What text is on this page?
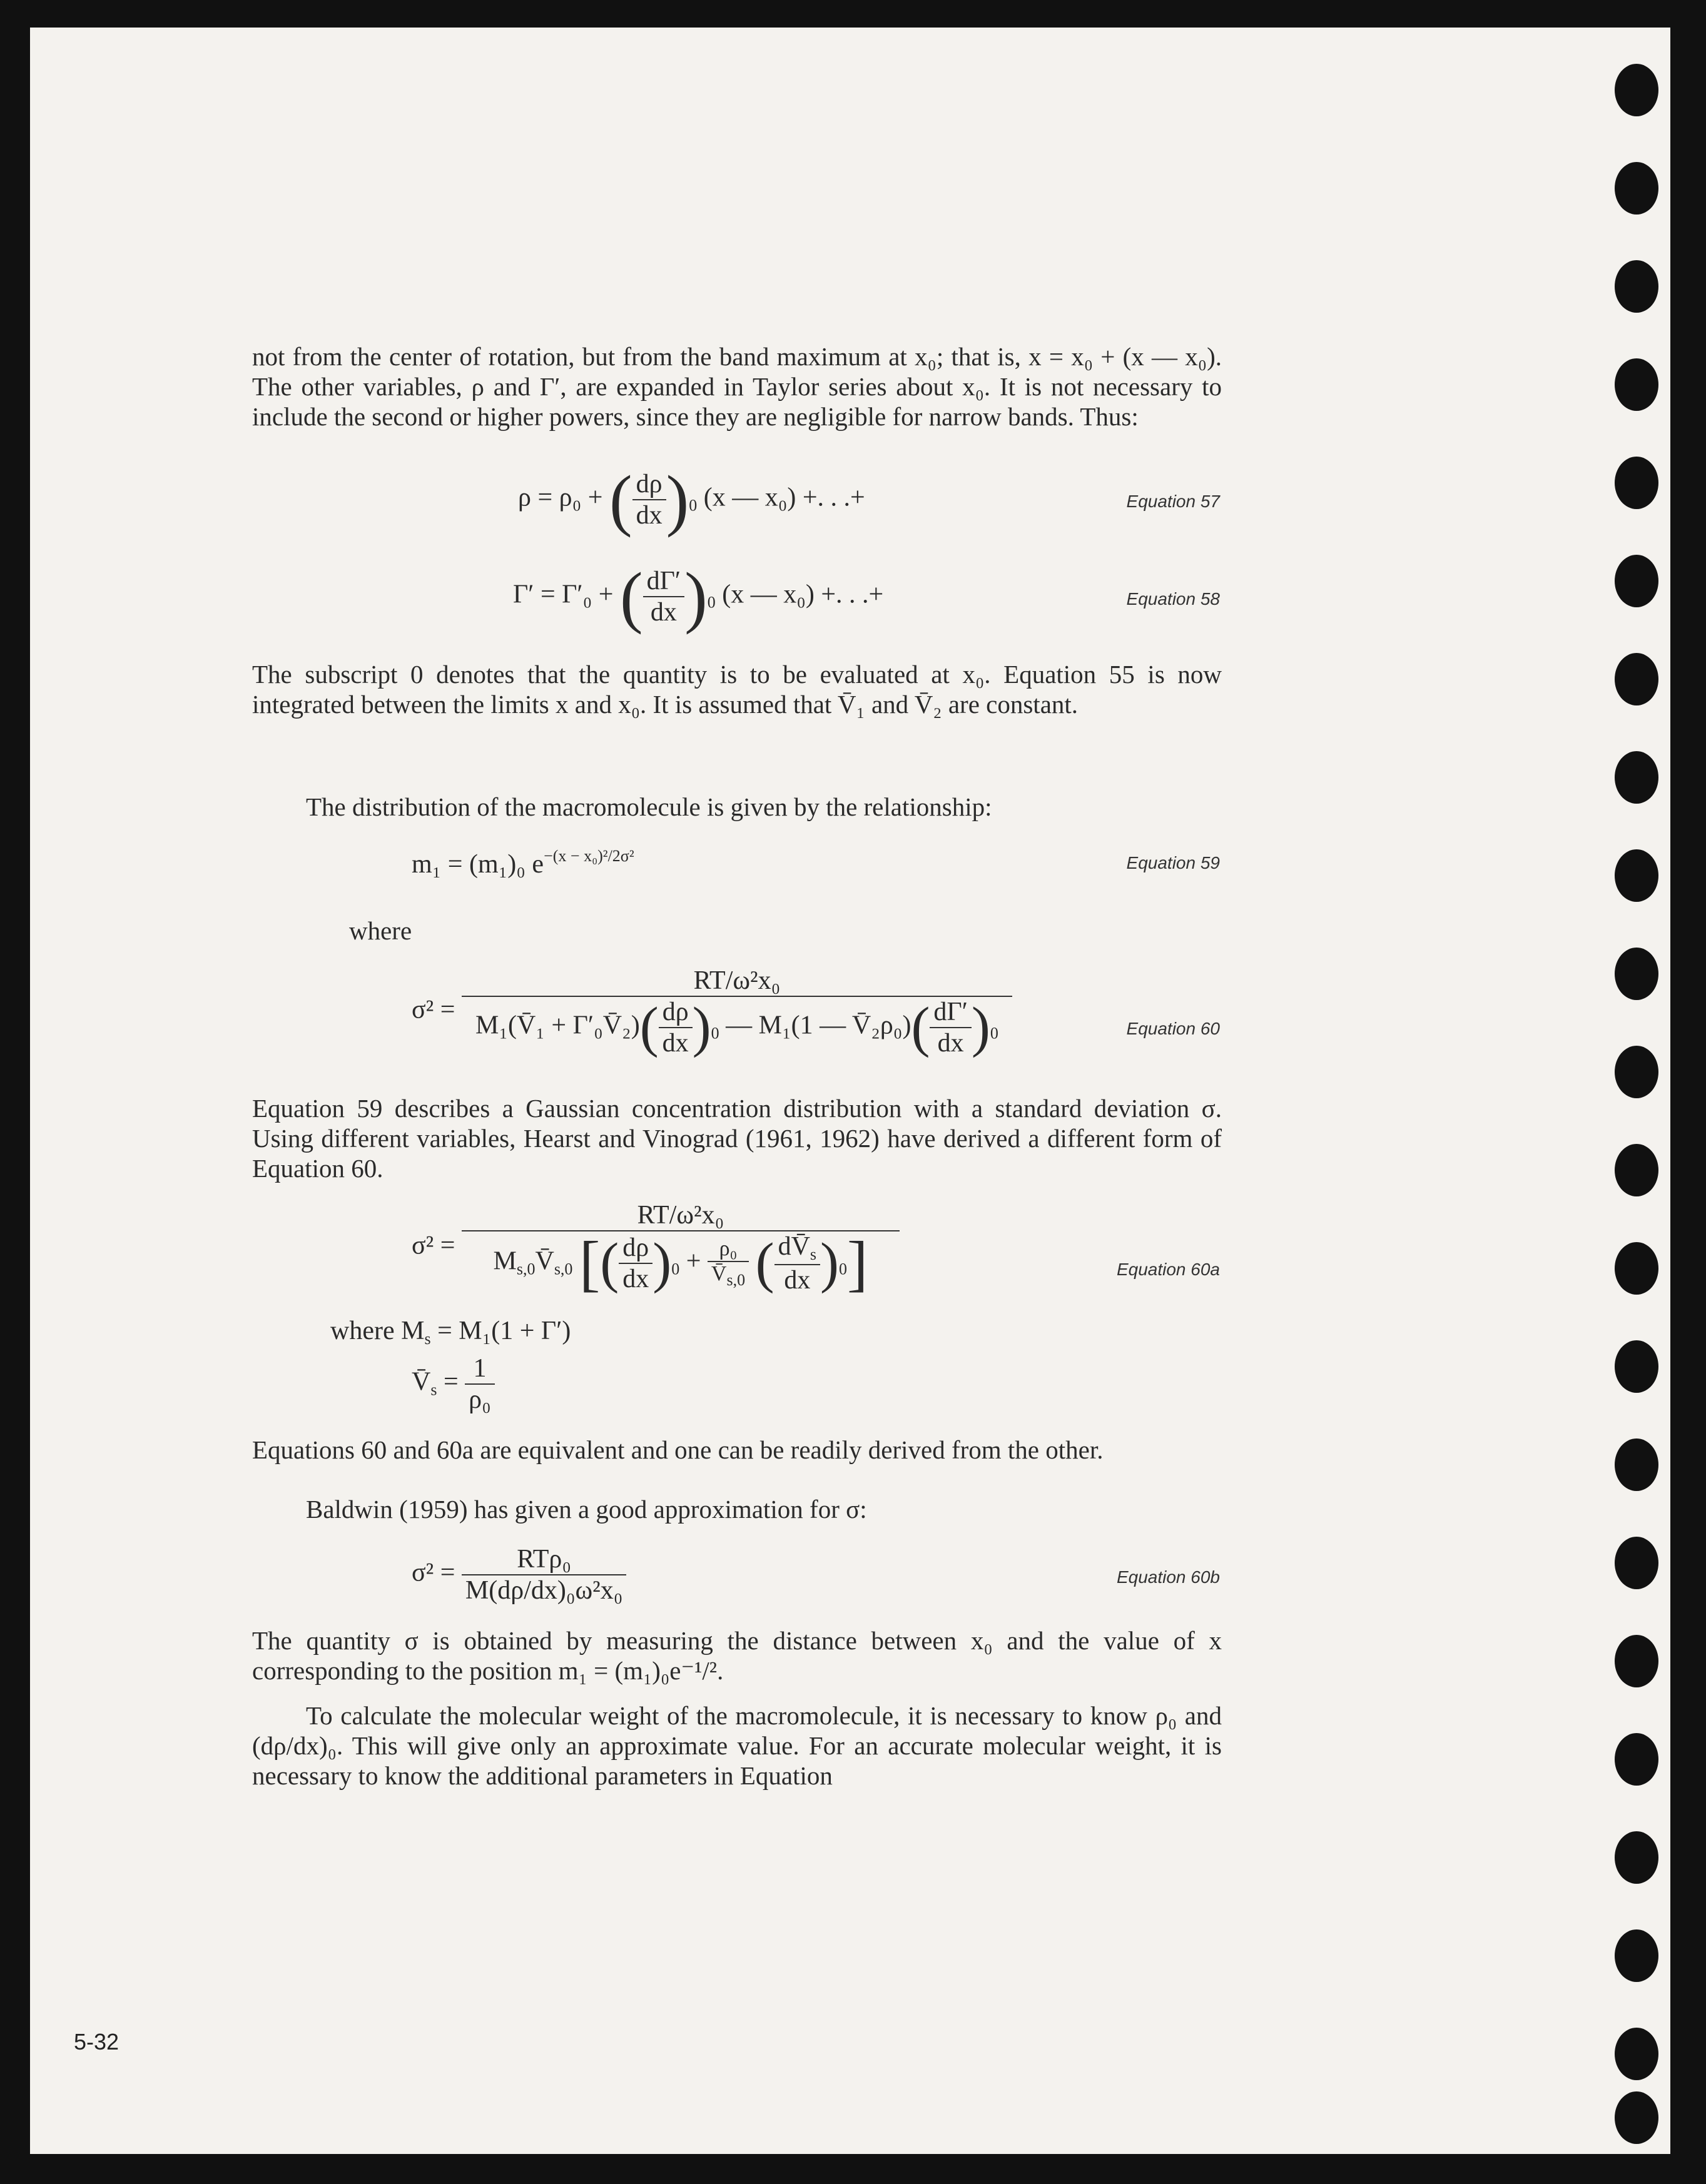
not from the center of rotation, but from the band maximum at x₀; that is, x = x₀ + (x — x₀). The other variables, ρ and Γ′, are expanded in Taylor series about x₀. It is not necessary to include the second or higher powers, since they are negligible for narrow bands. Thus:

ρ = ρ₀ + ( $\frac{d\rho}{dx} )_0$ (x — x₀) +. . .+	Equation 57
Γ′ = Γ′₀ + ( $\frac{d\Gamma'}{dx} )_0$ (x — x₀) +. . .+	Equation 58

The subscript 0 denotes that the quantity is to be evaluated at x₀. Equation 55 is now integrated between the limits x and x₀. It is assumed that V̄₁ and V̄₂ are constant.

The distribution of the macromolecule is given by the relationship:

m₁ = (m₁)₀ $e^{-(x - x_0)^2/2\sigma^2}$	Equation 59

where

$\sigma^2 = \frac{\text{RT/ω²x₀}}{M_1(V̄_1 + \Gamma'_0V̄_2)( \frac{d\rho}{dx} )_0 — M_1(1 — V̄_2\rho_0)( \frac{d\Gamma'}{dx} )_0}$	Equation 60

Equation 59 describes a Gaussian concentration distribution with a standard deviation σ. Using different variables, Hearst and Vinograd (1961, 1962) have derived a different form of Equation 60.

σ² =
RT/ω²x₀
$M_{s,0}V̄_{s,0}$ [( $\frac{d\rho}{dx} )_0 + \frac{\text{ρ₀}}{V̄_{s,0}}$ ( $\frac{dV̄_s}{dx} )_0$]	Equation 60a
where $M_s = M_1(1 + \Gamma')$
$V̄_s = \frac{1}{\text{ρ₀}}$

Equations 60 and 60a are equivalent and one can be readily derived from the other.

Baldwin (1959) has given a good approximation for σ:

$\sigma^2 = \frac{\text{RTρ₀}}{\text{M(dρ/dx)₀ω²x₀}}$	Equation 60b

The quantity σ is obtained by measuring the distance between x₀ and the value of x corresponding to the position m₁ = (m₁)₀e⁻¹/².

To calculate the molecular weight of the macromolecule, it is necessary to know ρ₀ and (dρ/dx)₀. This will give only an approximate value. For an accurate molecular weight, it is necessary to know the additional parameters in Equation

5-32
